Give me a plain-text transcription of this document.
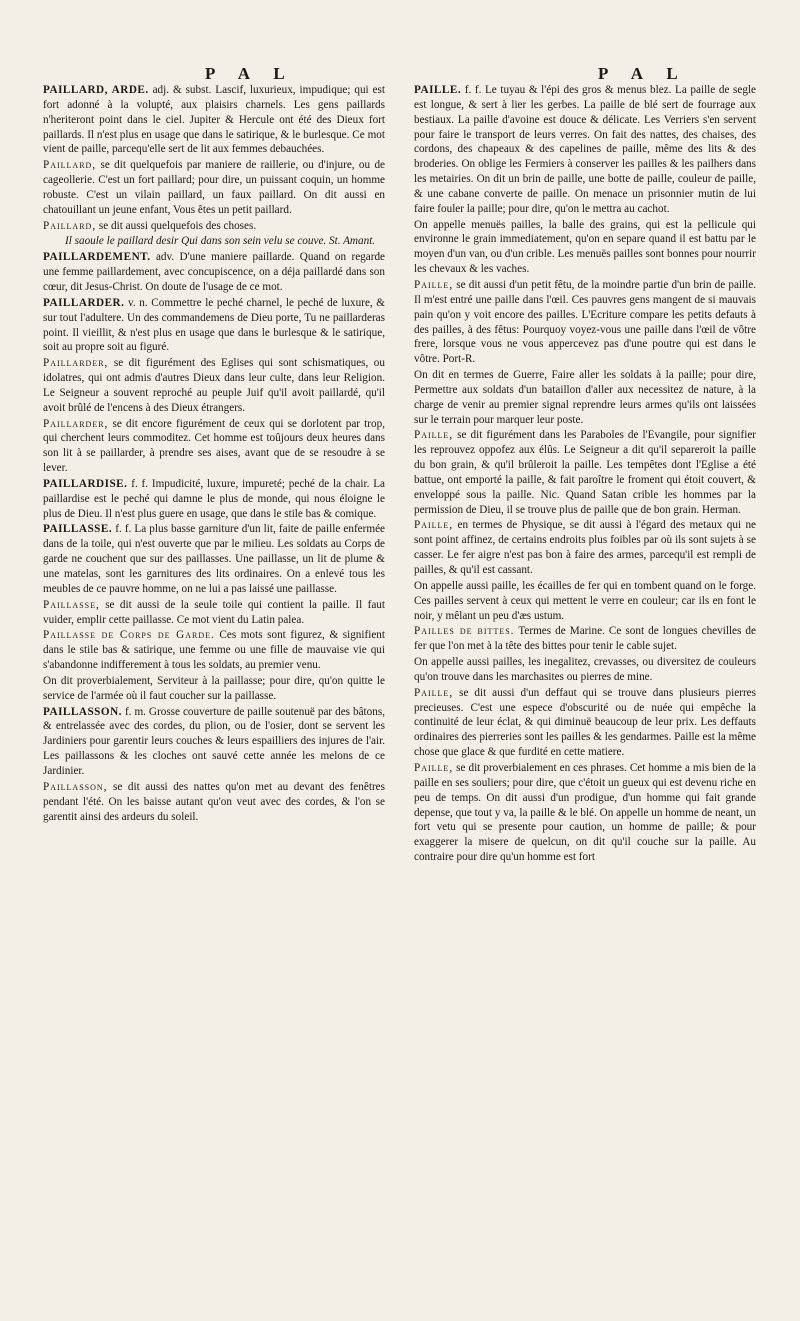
P A L	P A L
PAILLARD, ARDE. adj. & subst. Lascif, luxurieux, impudique; qui est fort adonné à la volupté, aux plaisirs charnels. Les gens paillards n'heriteront point dans le ciel. Jupiter & Hercule ont été des Dieux fort paillards. Il n'est plus en usage que dans le satirique, & le burlesque. Ce mot vient de paille, parcequ'elle sert de lit aux femmes debauchées.
Paillard, se dit quelquefois par maniere de raillerie, ou d'injure, ou de cageollerie. C'est un fort paillard; pour dire, un puissant coquin, un homme robuste. C'est un vilain paillard, un faux paillard. On dit aussi en chatouillant un jeune enfant, Vous êtes un petit paillard.
Paillard, se dit aussi quelquefois des choses.
Il saoule le paillard desir Qui dans son sein velu se couve. St. Amant.
PAILLARDEMENT. adv. D'une maniere paillarde. Quand on regarde une femme paillardement, avec concupiscence, on a déja paillardé dans son cœur, dit Jesus-Christ. On doute de l'usage de ce mot.
PAILLARDER. v. n. Commettre le peché charnel, le peché de luxure, & sur tout l'adultere. Un des commandemens de Dieu porte, Tu ne paillarderas point. Il vieillit, & n'est plus en usage que dans le burlesque & le satirique, soit au propre soit au figuré.
Paillarder, se dit figurément des Eglises qui sont schismatiques, ou idolatres, qui ont admis d'autres Dieux dans leur culte, dans leur Religion. Le Seigneur a souvent reproché au peuple Juif qu'il avoit paillardé, qu'il avoit brûlé de l'encens à des Dieux étrangers.
Paillarder, se dit encore figurément de ceux qui se dorlotent par trop, qui cherchent leurs commoditez. Cet homme est toûjours deux heures dans son lit à se paillarder, à prendre ses aises, avant que de se resoudre à se lever.
PAILLARDISE. f. f. Impudicité, luxure, impureté; peché de la chair. La paillardise est le peché qui damne le plus de monde, qui nous éloigne le plus de Dieu. Il n'est plus guere en usage, que dans le stile bas & comique.
PAILLASSE. f. f. La plus basse garniture d'un lit, faite de paille enfermée dans de la toile, qui n'est ouverte que par le milieu. Les soldats au Corps de garde ne couchent que sur des paillasses. Une paillasse, un lit de plume & une matelas, sont les garnitures des lits ordinaires. On a enlevé tous les meubles de ce pauvre homme, on ne lui a pas laissé une paillasse.
Paillasse, se dit aussi de la seule toile qui contient la paille. Il faut vuider, emplir cette paillasse. Ce mot vient du Latin palea.
Paillasse de Corps de Garde. Ces mots sont figurez, & signifient dans le stile bas & satirique, une femme ou une fille de mauvaise vie qui s'abandonne indifferement à tous les soldats, au premier venu.
On dit proverbialement, Serviteur à la paillasse; pour dire, qu'on quitte le service de l'armée où il faut coucher sur la paillasse.
PAILLASSON. f. m. Grosse couverture de paille soutenuë par des bâtons, & entrelassée avec des cordes, du plion, ou de l'osier, dont se servent les Jardiniers pour garentir leurs couches & leurs espailliers des injures de l'air. Les paillassons & les cloches ont sauvé cette année les melons de ce Jardinier.
Paillasson, se dit aussi des nattes qu'on met au devant des fenêtres pendant l'été. On les baisse autant qu'on veut avec des cordes, & l'on se garentit ainsi des ardeurs du soleil.
PAILLE. f. f. Le tuyau & l'épi des gros & menus blez. La paille de segle est longue, & sert à lier les gerbes. La paille de blé sert de fourrage aux bestiaux. La paille d'avoine est douce & délicate. Les Verriers s'en servent pour faire le transport de leurs verres. On fait des nattes, des chaises, des cordons, des chapeaux & des capelines de paille, même des lits & des broderies. On oblige les Fermiers à conserver les pailles & les pailhers dans les metairies. On dit un brin de paille, une botte de paille, couleur de paille, & une cabane converte de paille. On menace un prisonnier mutin de lui faire fouler la paille; pour dire, qu'on le mettra au cachot.
On appelle menuës pailles, la balle des grains, qui est la pellicule qui environne le grain immediatement, qu'on en separe quand il est battu par le moyen d'un van, ou d'un crible. Les menuës pailles sont bonnes pour nourrir les chevaux & les vaches.
Paille, se dit aussi d'un petit fêtu, de la moindre partie d'un brin de paille. Il m'est entré une paille dans l'œil. Ces pauvres gens mangent de si mauvais pain qu'on y voit encore des pailles. L'Ecriture compare les petits defauts à des pailles, à des fêtus: Pourquoy voyez-vous une paille dans l'œil de vôtre frere, lorsque vous ne vous appercevez pas d'une poutre qui est dans le vôtre. Port-R.
On dit en termes de Guerre, Faire aller les soldats à la paille; pour dire, Permettre aux soldats d'un bataillon d'aller aux necessitez de nature, à la charge de venir au premier signal reprendre leurs armes qu'ils ont laissées sur le terrain pour marquer leur poste.
Paille, se dit figurément dans les Paraboles de l'Evangile, pour signifier les reprouvez oppofez aux élûs. Le Seigneur a dit qu'il separeroit la paille du bon grain, & qu'il brûleroit la paille. Les tempêtes dont l'Eglise a été battue, ont emporté la paille, & fait paroître le froment qui étoit couvert, & enveloppé sous la paille. Nic. Quand Satan crible les hommes par la permission de Dieu, il se trouve plus de paille que de bon grain. Herman.
Paille, en termes de Physique, se dit aussi à l'égard des metaux qui ne sont point affinez, de certains endroits plus foibles par où ils sont sujets à se casser. Le fer aigre n'est pas bon à faire des armes, parcequ'il est rempli de pailles, & qu'il est cassant.
On appelle aussi paille, les écailles de fer qui en tombent quand on le forge. Ces pailles servent à ceux qui mettent le verre en couleur; car ils en font le noir, y mêlant un peu d'æs ustum.
Pailles de bittes. Termes de Marine. Ce sont de longues chevilles de fer que l'on met à la tête des bittes pour tenir le cable sujet.
On appelle aussi pailles, les inegalitez, crevasses, ou diversitez de couleurs qu'on trouve dans les marchasites ou pierres de mine.
Paille, se dit aussi d'un deffaut qui se trouve dans plusieurs pierres precieuses. C'est une espece d'obscurité ou de nuée qui empêche la continuité de leur éclat, & qui diminuë beaucoup de leur prix. Les deffauts ordinaires des pierreries sont les pailles & les gendarmes. Paille est la même chose que glace & que furdité en cette matiere.
Paille, se dit proverbialement en ces phrases. Cet homme a mis bien de la paille en ses souliers; pour dire, que c'étoit un gueux qui est devenu riche en peu de temps. On dit aussi d'un prodigue, d'un homme qui fait grande depense, que tout y va, la paille & le blé. On appelle un homme de neant, un fort vetu qui se presente pour caution, un homme de paille; & pour exaggerer la misere de quelcun, on dit qu'il couche sur la paille. Au contraire pour dire qu'un homme est fort
